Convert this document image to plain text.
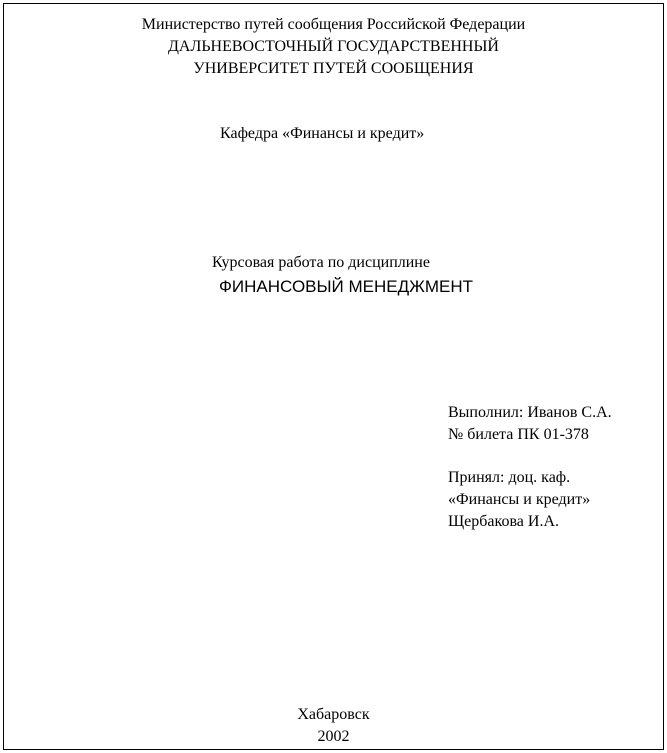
Министерство путей сообщения Российской Федерации
ДАЛЬНЕВОСТОЧНЫЙ ГОСУДАРСТВЕННЫЙ
УНИВЕРСИТЕТ ПУТЕЙ СООБЩЕНИЯ
Кафедра «Финансы и кредит»
Курсовая работа по дисциплине
ФИНАНСОВЫЙ МЕНЕДЖМЕНТ
Выполнил: Иванов С.А.
№ билета ПК 01-378
Принял: доц. каф.
«Финансы и кредит»
Щербакова И.А.
Хабаровск
2002
